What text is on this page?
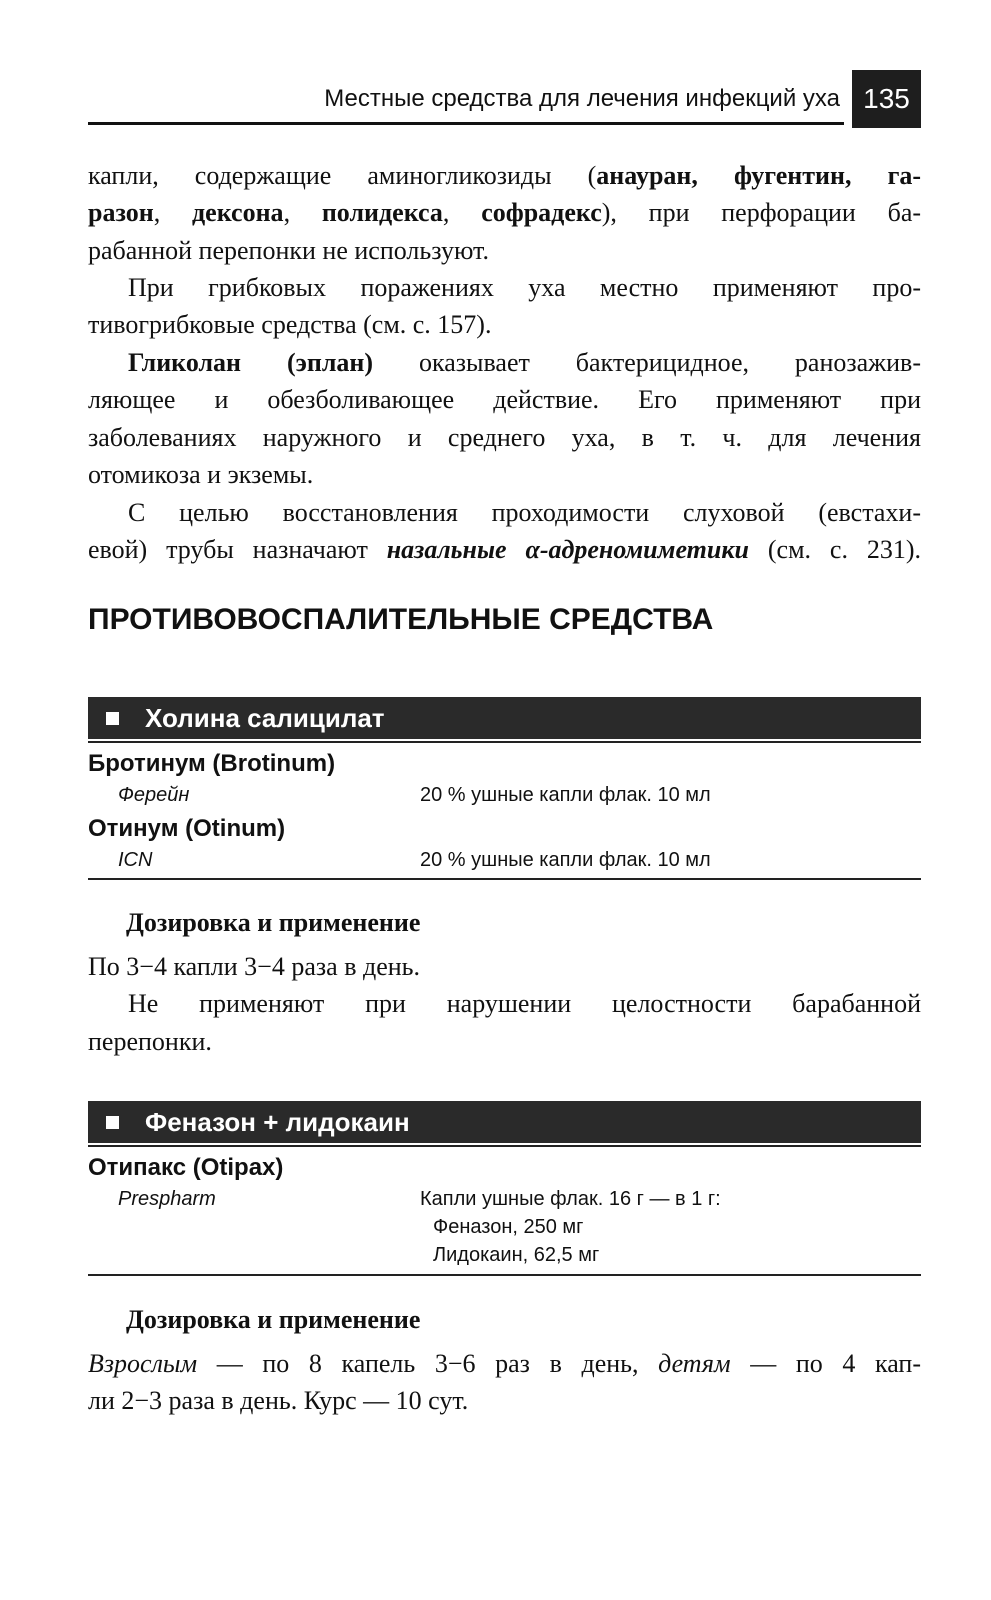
Местные средства для лечения инфекций уха 135
капли, содержащие аминогликозиды (анауран, фугентин, га-
разон, дексона, полидекса, софрадекс), при перфорации ба-
рабанной перепонки не используют.
При грибковых поражениях уха местно применяют про-
тивогрибковые средства (см. с. 157).
Гликолан (эплан) оказывает бактерицидное, ранозажив-
ляющее и обезболивающее действие. Его применяют при
заболеваниях наружного и среднего уха, в т. ч. для лечения
отомикоза и экземы.
С целью восстановления проходимости слуховой (евстахи-
евой) трубы назначают назальные α-адреномиметики (см. с. 231).
ПРОТИВОВОСПАЛИТЕЛЬНЫЕ СРЕДСТВА
Холина салицилат
Бротинум (Brotinum)
Ферейн	20 % ушные капли флак. 10 мл
Отинум (Otinum)
ICN	20 % ушные капли флак. 10 мл
Дозировка и применение
По 3−4 капли 3−4 раза в день.
Не применяют при нарушении целостности барабанной
перепонки.
Феназон + лидокаин
Отипакс (Otipax)
Prespharm	Капли ушные флак. 16 г — в 1 г:
Феназон, 250 мг
Лидокаин, 62,5 мг
Дозировка и применение
Взрослым — по 8 капель 3−6 раз в день, детям — по 4 кап-
ли 2−3 раза в день. Курс — 10 сут.
